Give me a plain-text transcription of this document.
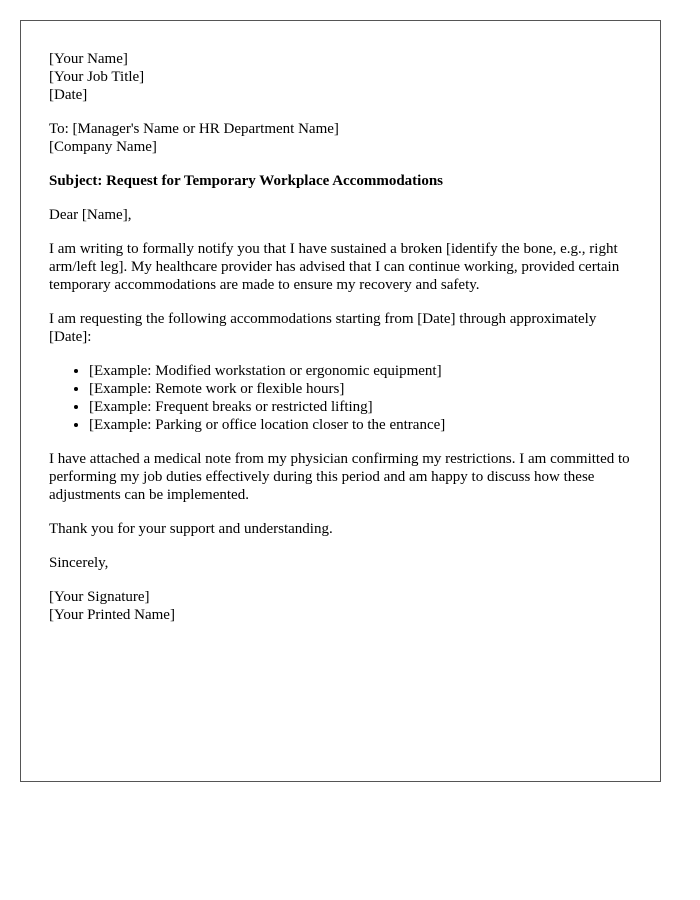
[Your Name]
[Your Job Title]
[Date]

To: [Manager's Name or HR Department Name]
[Company Name]

Subject: Request for Temporary Workplace Accommodations

Dear [Name],

I am writing to formally notify you that I have sustained a broken [identify the bone, e.g., right arm/left leg]. My healthcare provider has advised that I can continue working, provided certain temporary accommodations are made to ensure my recovery and safety.

I am requesting the following accommodations starting from [Date] through approximately [Date]:

• [Example: Modified workstation or ergonomic equipment]
• [Example: Remote work or flexible hours]
• [Example: Frequent breaks or restricted lifting]
• [Example: Parking or office location closer to the entrance]

I have attached a medical note from my physician confirming my restrictions. I am committed to performing my job duties effectively during this period and am happy to discuss how these adjustments can be implemented.

Thank you for your support and understanding.

Sincerely,

[Your Signature]
[Your Printed Name]
